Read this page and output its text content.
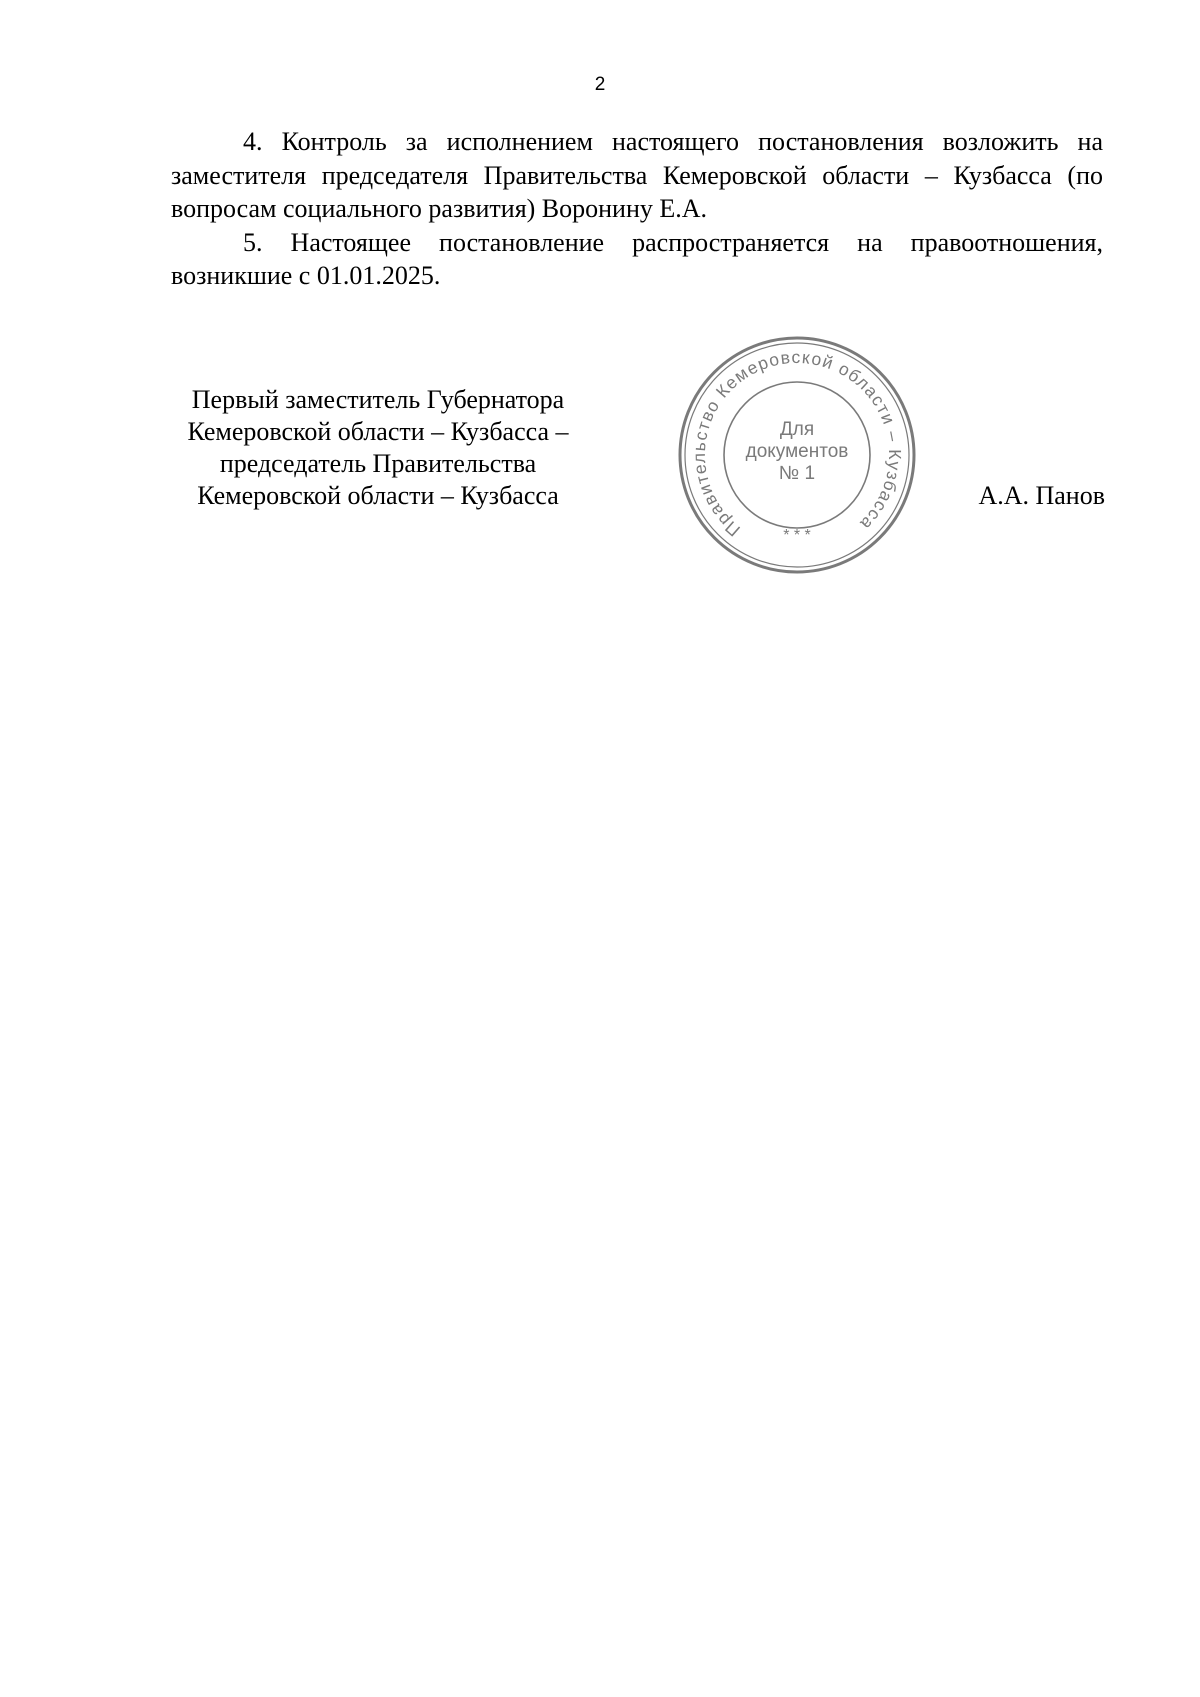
2

4. Контроль за исполнением настоящего постановления возложить на заместителя председателя Правительства Кемеровской области – Кузбасса (по вопросам социального развития) Воронину Е.А.

5. Настоящее постановление распространяется на правоотношения, возникшие с 01.01.2025.

Первый заместитель Губернатора
Кемеровской области – Кузбасса –
председатель Правительства
Кемеровской области – Кузбасса
Правительство Кемеровской области – Кузбасса
* * *
Для
документов
№ 1
А.А. Панов
